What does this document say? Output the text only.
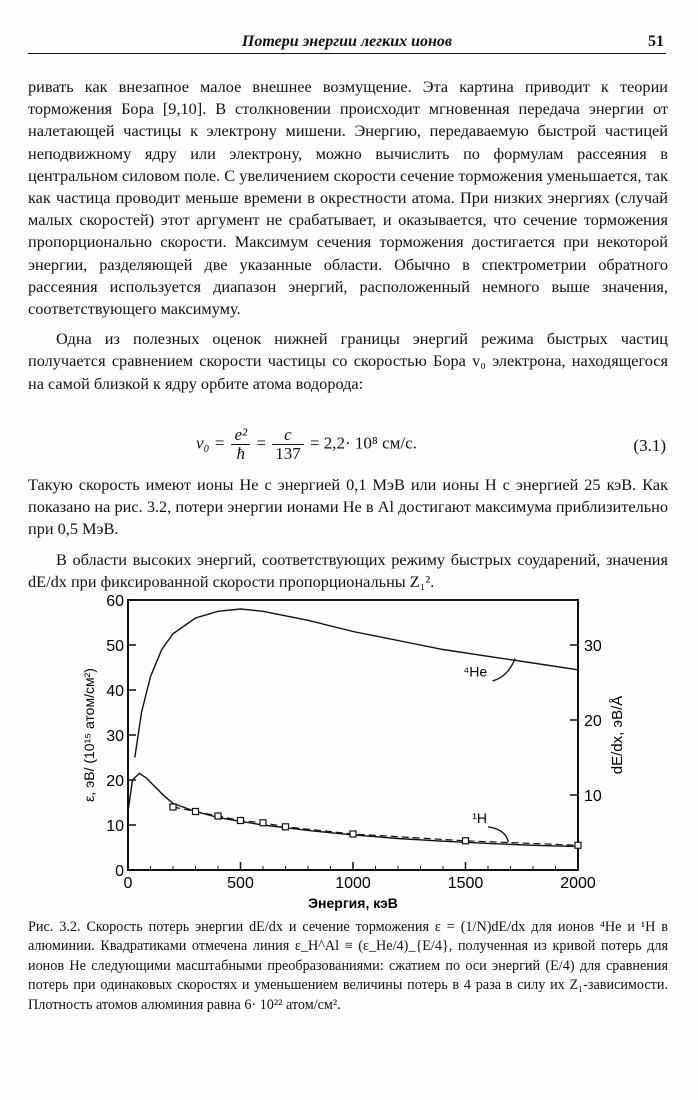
Потери энергии легких ионов	51

ривать как внезапное малое внешнее возмущение. Эта картина приводит к теории торможения Бора [9,10]. В столкновении происходит мгновенная передача энергии от налетающей частицы к электрону мишени. Энергию, передаваемую быстрой частицей неподвижному ядру или электрону, можно вычислить по формулам рассеяния в центральном силовом поле. С увеличением скорости сечение торможения уменьшается, так как частица проводит меньше времени в окрестности атома. При низких энергиях (случай малых скоростей) этот аргумент не срабатывает, и оказывается, что сечение торможения пропорционально скорости. Максимум сечения торможения достигается при некоторой энергии, разделяющей две указанные области. Обычно в спектрометрии обратного рассеяния используется диапазон энергий, расположенный немного выше значения, соответствующего максимуму.

Одна из полезных оценок нижней границы энергий режима быстрых частиц получается сравнением скорости частицы со скоростью Бора v₀ электрона, находящегося на самой близкой к ядру орбите атома водорода:

$v_0 = \frac{\text{e²}}{ħ} = \frac{c}{137} = 2,2\cdot 10^8$ см/с.	(3.1)

Такую скорость имеют ионы He с энергией 0,1 МэВ или ионы H с энергией 25 кэВ. Как показано на рис. 3.2, потери энергии ионами He в Al достигают максимума приблизительно при 0,5 МэВ.

В области высоких энергий, соответствующих режиму быстрых соударений, значения dE/dx при фиксированной скорости пропорциональны Z₁².

0	500	1000	1500	2000
0
10
20
30
40
50
60
10
20
30
Энергия, кэВ
ε, эВ/ (10¹⁵ атом/см²)	dE/dx, эВ/Å
⁴He
¹H

Рис. 3.2. Скорость потерь энергии dE/dx и сечение торможения ε = (1/N)dE/dx для ионов ⁴He и ¹H в алюминии. Квадратиками отмечена линия ε_H^Al ≡ (ε_He/4)_{E/4}, полученная из кривой потерь для ионов He следующими масштабными преобразованиями: сжатием по оси энергий (E/4) для сравнения потерь при одинаковых скоростях и уменьшением величины потерь в 4 раза в силу их Z₁-зависимости. Плотность атомов алюминия равна 6· 10²² атом/см².
